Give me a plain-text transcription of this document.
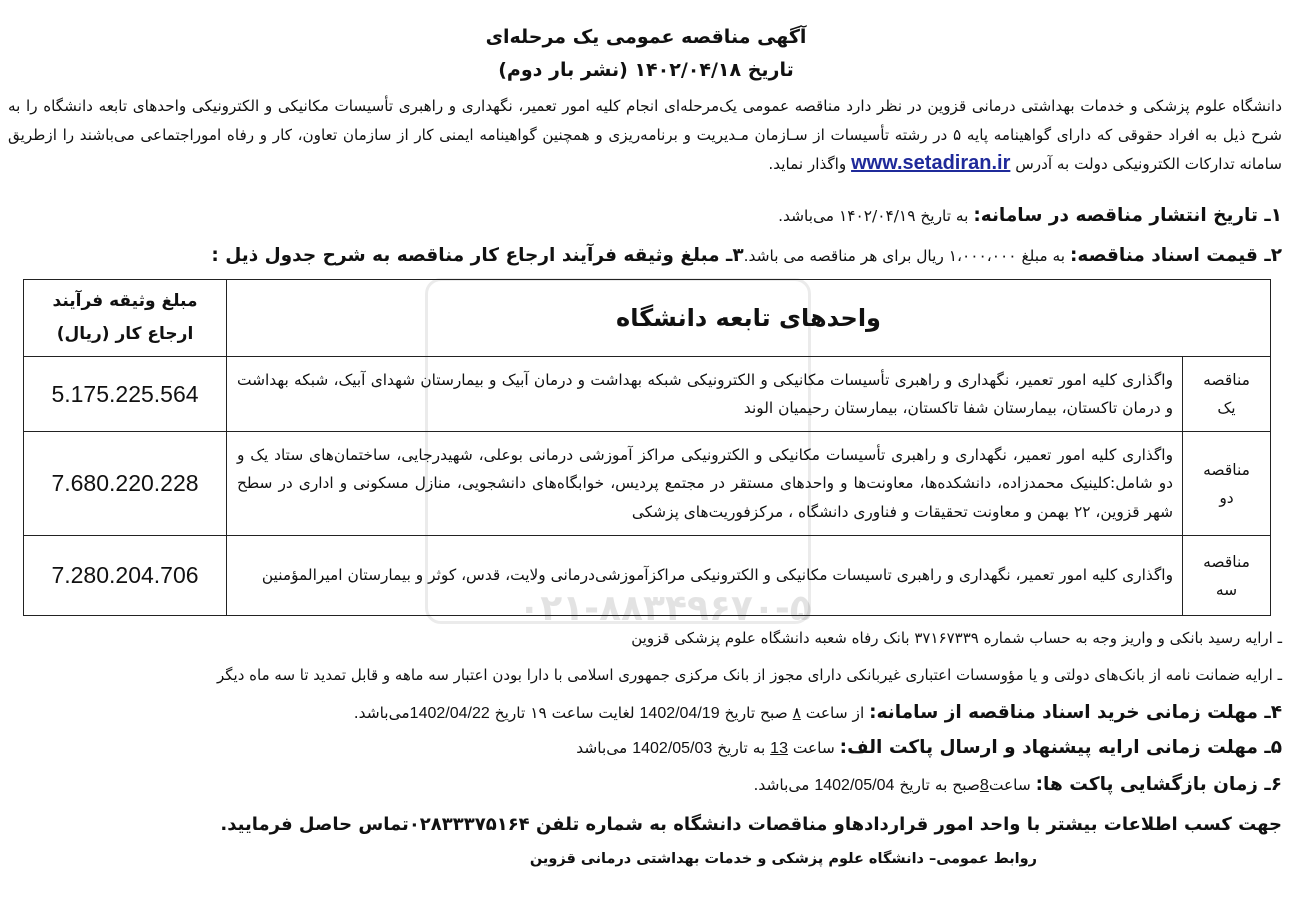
۰۲۱-۸۸۳۴۹۶۷۰-۵
آگهی مناقصه عمومی یک مرحله‌ای
تاریخ ۱۴۰۲/۰۴/۱۸ (نشر بار دوم)
دانشگاه علوم پزشکی و خدمات بهداشتی درمانی قزوین در نظر دارد مناقصه عمومی یک‌مرحله‌ای انجام کلیه امور تعمیر، نگهداری و راهبری تأسیسات مکانیکی و الکترونیکی واحدهای تابعه دانشگاه را به شرح ذیل به افراد حقوقی که دارای گواهینامه پایه ۵ در رشته تأسیسات از سـازمان مـدیریت و برنامه‌ریزی و همچنین گواهینامه ایمنی کار از سازمان تعاون، کار و رفاه اموراجتماعی می‌باشند را ازطریق سامانه تدارکات الکترونیکی دولت به آدرس www.setadiran.ir واگذار نماید.
۱ـ تاریخ انتشار مناقصه در سامانه: به تاریخ ۱۴۰۲/۰۴/۱۹ می‌باشد.
۲ـ قیمت اسناد مناقصه: به مبلغ ۱،۰۰۰،۰۰۰ ریال برای هر مناقصه می باشد.۳ـ مبلغ وثیقه فرآیند ارجاع کار مناقصه به شرح جدول ذیل :
واحدهای تابعه دانشگاه		مبلغ وثیقه فرآیند
ارجاع کار (ریال)

مناقصه
یک	واگذاری کلیه امور تعمیر، نگهداری و راهبری تأسیسات مکانیکی و الکترونیکی شبکه بهداشت و درمان آبیک و بیمارستان شهدای آبیک، شبکه بهداشت و درمان تاکستان، بیمارستان شفا تاکستان، بیمارستان رحیمیان الوند	5.175.225.564

مناقصه
دو	واگذاری کلیه امور تعمیر، نگهداری و راهبری تأسیسات مکانیکی و الکترونیکی مراکز آموزشی درمانی بوعلی، شهیدرجایی، ساختمان‌های ستاد یک و دو شامل:کلینیک محمدزاده، دانشکده‌ها، معاونت‌ها و واحدهای مستقر در مجتمع پردیس، خوابگاه‌های دانشجویی، منازل مسکونی و اداری در سطح شهر قزوین، ۲۲ بهمن و معاونت تحقیقات و فناوری دانشگاه ، مرکزفوریت‌های پزشکی	7.680.220.228

مناقصه
سه	واگذاری کلیه امور تعمیر، نگهداری و راهبری تاسیسات مکانیکی و الکترونیکی مراکزآموزشی‌درمانی ولایت، قدس، کوثر و بیمارستان امیرالمؤمنین	7.280.204.706
ـ ارایه رسید بانکی و واریز وجه به حساب شماره ۳۷۱۶۷۳۳۹ بانک رفاه شعبه دانشگاه علوم پزشکی قزوین
ـ ارایه ضمانت نامه از بانک‌های دولتی و یا مؤوسسات اعتباری غیربانکی دارای مجوز از بانک مرکزی جمهوری اسلامی با دارا بودن اعتبار سه ماهه و قابل تمدید تا سه ماه دیگر
۴ـ مهلت زمانی خرید اسناد مناقصه از سامانه: از ساعت ۸ صبح تاریخ 1402/04/19 لغایت ساعت ۱۹ تاریخ 1402/04/22می‌باشد.
۵ـ مهلت زمانی ارایه پیشنهاد و ارسال پاکت الف: ساعت 13 به تاریخ 1402/05/03 می‌باشد
۶ـ زمان بازگشایی پاکت ها: ساعت8صبح به تاریخ 1402/05/04 می‌باشد.
جهت کسب اطلاعات بیشتر با واحد امور قراردادهاو مناقصات دانشگاه به شماره تلفن ۰۲۸۳۳۳۷۵۱۶۴تماس حاصل فرمایید.
روابط عمومی– دانشگاه علوم پزشکی و خدمات بهداشتی درمانی قزوین
